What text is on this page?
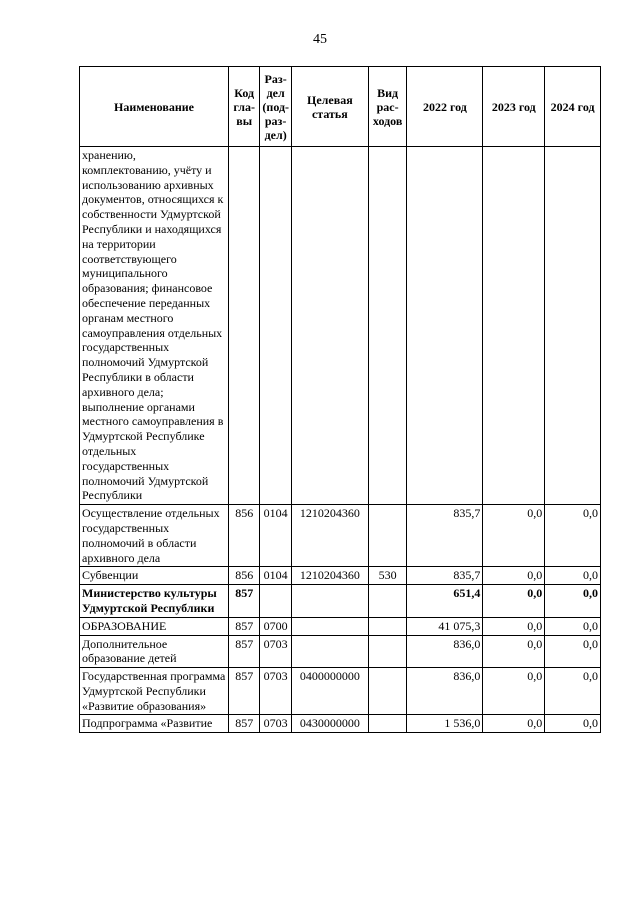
45
Наименование	Код гла- вы	Раз- дел (под- раз- дел)	Целевая статья	Вид рас- ходов	2022 год	2023 год	2024 год
хранению, комплектованию, учёту и использованию архивных документов, относящихся к собственности Удмуртской Республики и находящихся на территории соответствующего муниципального образования; финансовое обеспечение переданных органам местного самоуправления отдельных государственных полномочий Удмуртской Республики в области архивного дела; выполнение органами местного самоуправления в Удмуртской Республике отдельных государственных полномочий Удмуртской Республики							
Осуществление отдельных государственных полномочий в области архивного дела	856	0104	1210204360		835,7	0,0	0,0
Субвенции	856	0104	1210204360	530	835,7	0,0	0,0
Министерство культуры Удмуртской Республики	857				651,4	0,0	0,0
ОБРАЗОВАНИЕ	857	0700			41 075,3	0,0	0,0
Дополнительное образование детей	857	0703			836,0	0,0	0,0
Государственная программа Удмуртской Республики «Развитие образования»	857	0703	0400000000		836,0	0,0	0,0
Подпрограмма «Развитие	857	0703	0430000000		1 536,0	0,0	0,0
